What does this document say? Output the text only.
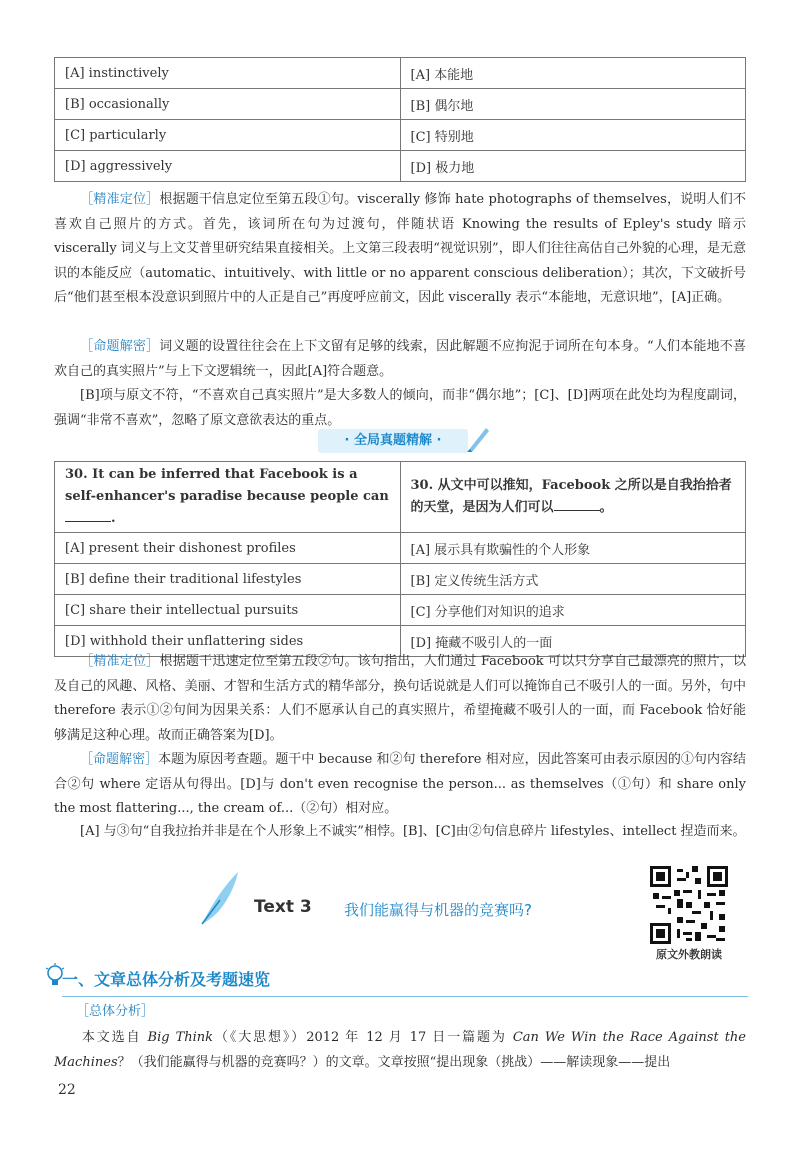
[A] instinctively	[A] 本能地
[B] occasionally	[B] 偶尔地
[C] particularly	[C] 特别地
[D] aggressively	[D] 极力地
［精准定位］根据题干信息定位至第五段①句。viscerally 修饰 hate photographs of themselves，说明人们不喜欢自己照片的方式。首先，该词所在句为过渡句，伴随状语 Knowing the results of Epley's study 暗示 viscerally 词义与上文艾普里研究结果直接相关。上文第三段表明“视觉识别”，即人们往往高估自己外貌的心理，是无意识的本能反应（automatic、intuitively、with little or no apparent conscious deliberation）；其次，下文破折号后“他们甚至根本没意识到照片中的人正是自己”再度呼应前文，因此 viscerally 表示“本能地，无意识地”，[A]正确。
［命题解密］词义题的设置往往会在上下文留有足够的线索，因此解题不应拘泥于词所在句本身。“人们本能地不喜欢自己的真实照片”与上下文逻辑统一，因此[A]符合题意。
[B]项与原文不符，“不喜欢自己真实照片”是大多数人的倾向，而非“偶尔地”；[C]、[D]两项在此处均为程度副词，强调“非常不喜欢”，忽略了原文意欲表达的重点。
· 全局真题精解 ·
30. It can be inferred that Facebook is a self-enhancer's paradise because people can .	30. 从文中可以推知，Facebook 之所以是自我抬拾者的天堂，是因为人们可以 。
[A] present their dishonest profiles	[A] 展示具有欺骗性的个人形象
[B] define their traditional lifestyles	[B] 定义传统生活方式
[C] share their intellectual pursuits	[C] 分享他们对知识的追求
[D] withhold their unflattering sides	[D] 掩藏不吸引人的一面
［精准定位］根据题干迅速定位至第五段②句。该句指出，人们通过 Facebook 可以只分享自己最漂亮的照片，以及自己的风趣、风格、美丽、才智和生活方式的精华部分，换句话说就是人们可以掩饰自己不吸引人的一面。另外，句中 therefore 表示①②句间为因果关系：人们不愿承认自己的真实照片，希望掩藏不吸引人的一面，而 Facebook 恰好能够满足这种心理。故而正确答案为[D]。
［命题解密］本题为原因考查题。题干中 because 和②句 therefore 相对应，因此答案可由表示原因的①句内容结合②句 where 定语从句得出。[D]与 don't even recognise the person... as themselves（①句）和 share only the most flattering..., the cream of...（②句）相对应。
[A] 与③句“自我拉抬并非是在个人形象上不诚实”相悖。[B]、[C]由②句信息碎片 lifestyles、intellect 捏造而来。
Text 3 我们能赢得与机器的竞赛吗?
原文外教朗读
一、文章总体分析及考题速览
［总体分析］
本文选自 Big Think（《大思想》）2012 年 12 月 17 日一篇题为 Can We Win the Race Against the Machines？（我们能赢得与机器的竞赛吗？）的文章。文章按照“提出现象（挑战）——解读现象——提出
22
